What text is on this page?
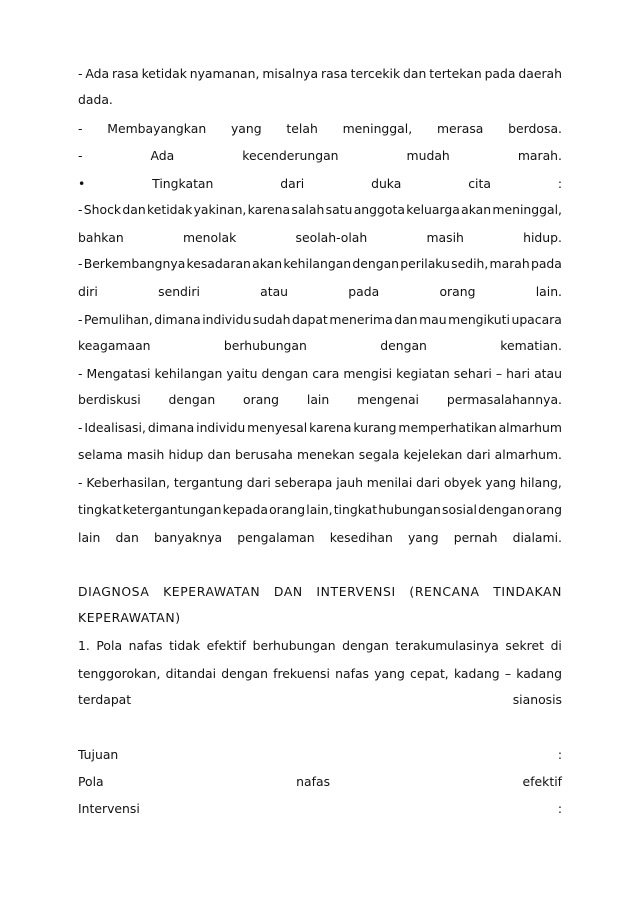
- Ada rasa ketidak nyamanan, misalnya rasa tercekik dan tertekan pada daerah
dada.
- Membayangkan yang telah meninggal, merasa berdosa.
-	Ada	kecenderungan	mudah	marah.
•	Tingkatan	dari	duka	cita	:
- Shock dan ketidak yakinan, karena salah satu anggota keluarga akan meninggal,
bahkan	menolak	seolah-olah	masih	hidup.
- Berkembangnya kesadaran akan kehilangan dengan perilaku sedih, marah pada
diri	sendiri	atau	pada	orang	lain.
- Pemulihan, dimana individu sudah dapat menerima dan mau mengikuti upacara
keagamaan	berhubungan	dengan	kematian.
- Mengatasi kehilangan yaitu dengan cara mengisi kegiatan sehari – hari atau
berdiskusi dengan orang lain mengenai permasalahannya.
- Idealisasi, dimana individu menyesal karena kurang memperhatikan almarhum
selama masih hidup dan berusaha menekan segala kejelekan dari almarhum.
- Keberhasilan, tergantung dari seberapa jauh menilai dari obyek yang hilang,
tingkat ketergantungan kepada orang lain, tingkat hubungan sosial dengan orang
lain dan banyaknya pengalaman kesedihan yang pernah dialami.
DIAGNOSA KEPERAWATAN DAN INTERVENSI (RENCANA TINDAKAN
KEPERAWATAN)
1. Pola nafas tidak efektif berhubungan dengan terakumulasinya sekret di
tenggorokan, ditandai dengan frekuensi nafas yang cepat, kadang – kadang
terdapat	sianosis
Tujuan	:
Pola	nafas	efektif
Intervensi	:
